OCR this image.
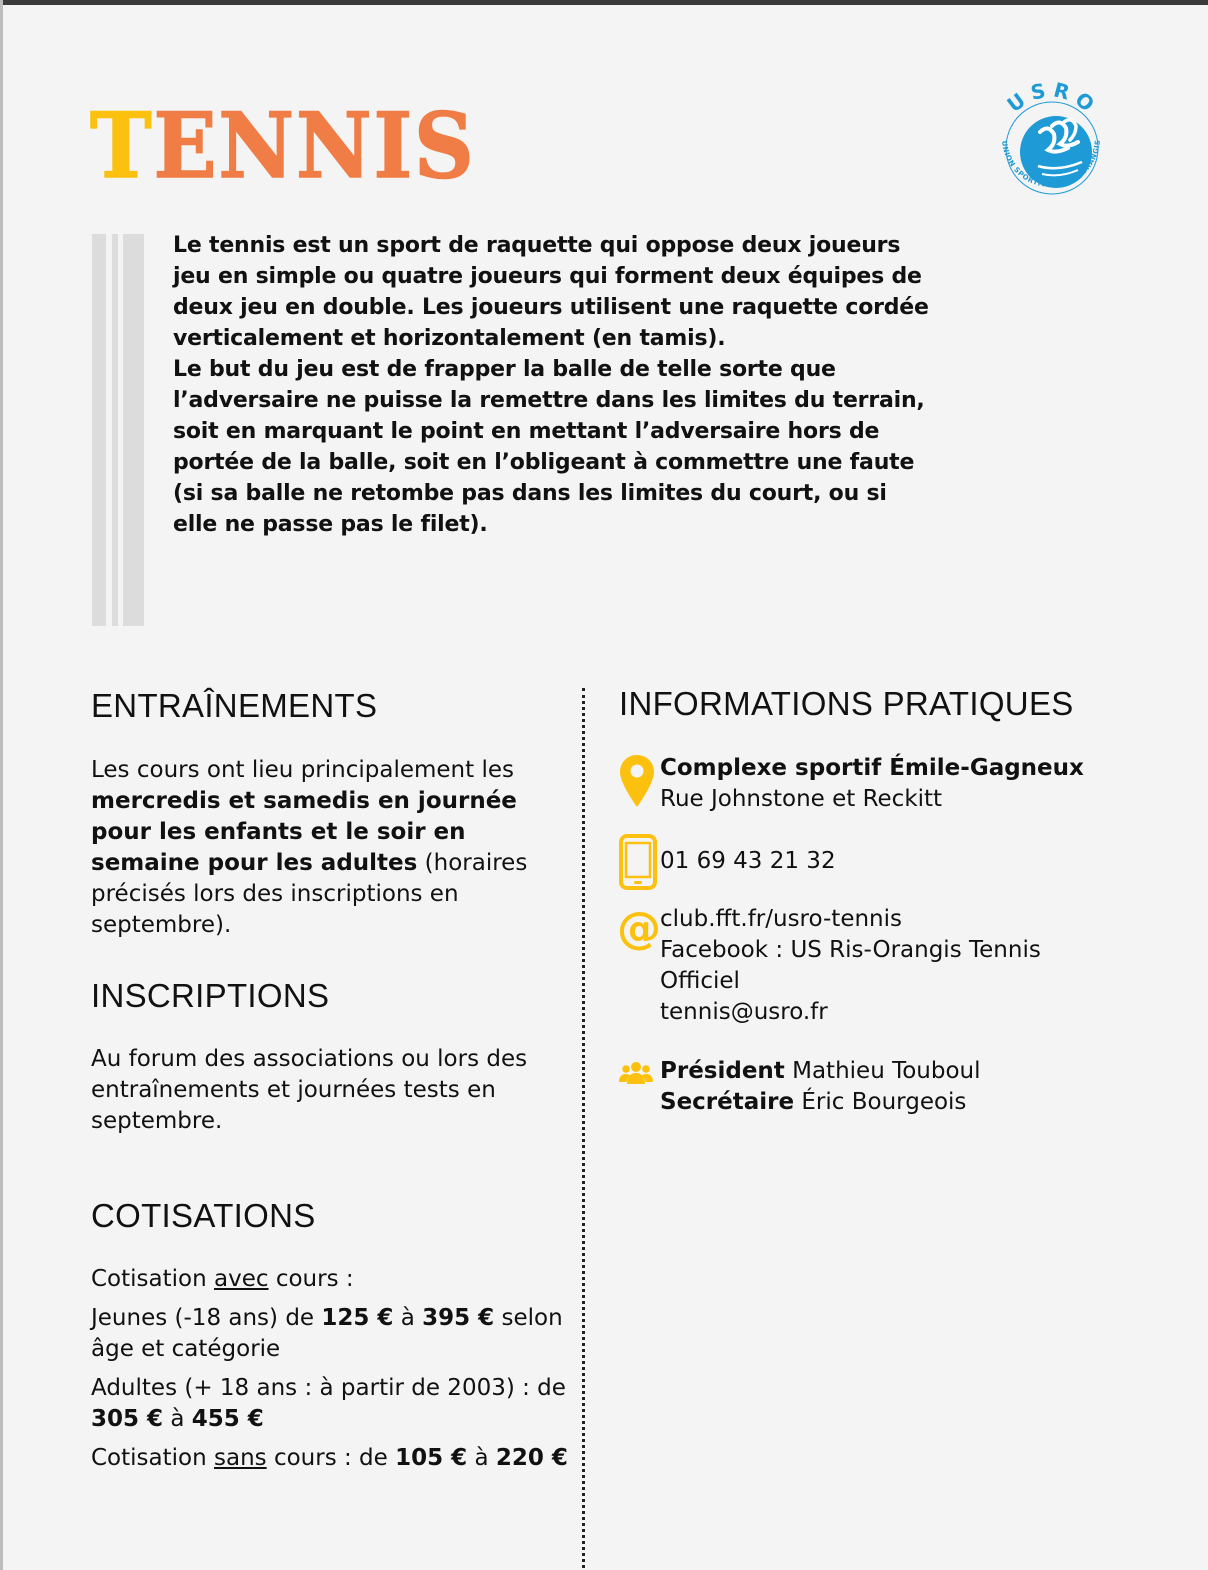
TENNIS	USRO
UNION SPORTIVE DE RIS ORANGIS

Le tennis est un sport de raquette qui oppose deux joueurs jeu en simple ou quatre joueurs qui forment deux équipes de deux jeu en double. Les joueurs utilisent une raquette cordée verticalement et horizontalement (en tamis).

Le but du jeu est de frapper la balle de telle sorte que l’adversaire ne puisse la remettre dans les limites du terrain, soit en marquant le point en mettant l’adversaire hors de portée de la balle, soit en l’obligeant à commettre une faute (si sa balle ne retombe pas dans les limites du court, ou si elle ne passe pas le filet).

ENTRAÎNEMENTS

Les cours ont lieu principalement les mercredis et samedis en journée pour les enfants et le soir en semaine pour les adultes (horaires précisés lors des inscriptions en septembre).

INSCRIPTIONS

Au forum des associations ou lors des entraînements et journées tests en septembre.

COTISATIONS

Cotisation avec cours :

Jeunes (-18 ans) de 125 € à 395 € selon âge et catégorie

Adultes (+ 18 ans : à partir de 2003) : de 305 € à 455 €

Cotisation sans cours : de 105 € à 220 €

INFORMATIONS PRATIQUES
Complexe sportif Émile-Gagneux
Rue Johnstone et Reckitt
01 69 43 21 32
@ club.fft.fr/usro-tennis
Facebook : US Ris-Orangis Tennis
Officiel
tennis@usro.fr
Président Mathieu Touboul
Secrétaire Éric Bourgeois
